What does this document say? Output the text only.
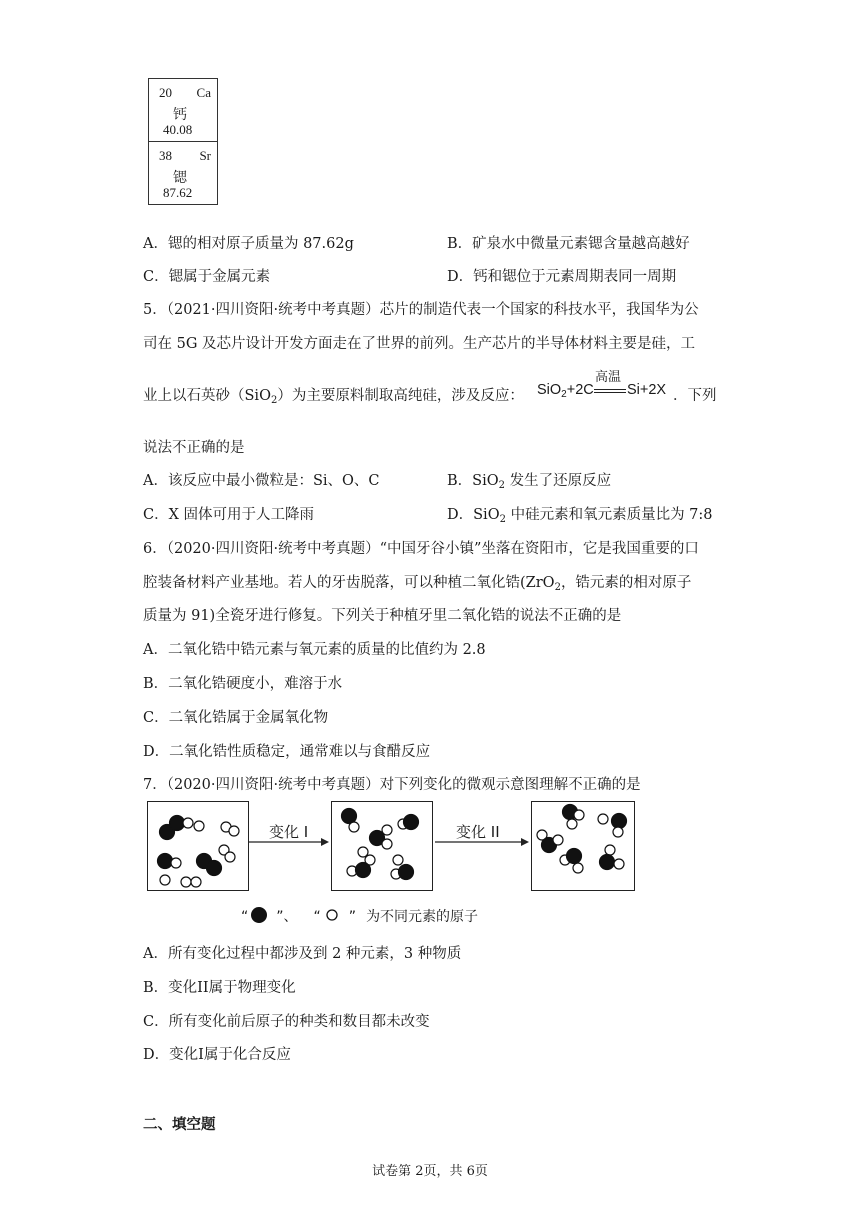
20 Ca
钙
40.08
38 Sr
锶
87.62
A．锶的相对原子质量为 87.62g	B．矿泉水中微量元素锶含量越高越好
C．锶属于金属元素	D．钙和锶位于元素周期表同一周期
5．（2021·四川资阳·统考中考真题）芯片的制造代表一个国家的科技水平，我国华为公
司在 5G 及芯片设计开发方面走在了世界的前列。生产芯片的半导体材料主要是硅，工
业上以石英砂（SiO$_2$）为主要原料制取高纯硅，涉及反应： SiO$_2$+2C
高温
Si+2X ．下列
说法不正确的是
A．该反应中最小微粒是：Si、O、C	B．SiO$_2$ 发生了还原反应
C．X 固体可用于人工降雨	D．SiO$_2$ 中硅元素和氧元素质量比为 7:8
6．（2020·四川资阳·统考中考真题）“中国牙谷小镇”坐落在资阳市，它是我国重要的口
腔装备材料产业基地。若人的牙齿脱落，可以种植二氧化锆(ZrO$_2$，锆元素的相对原子
质量为 91)全瓷牙进行修复。下列关于种植牙里二氧化锆的说法不正确的是
A．二氧化锆中锆元素与氧元素的质量的比值约为 2.8
B．二氧化锆硬度小，难溶于水
C．二氧化锆属于金属氧化物
D．二氧化锆性质稳定，通常难以与食醋反应
7．（2020·四川资阳·统考中考真题）对下列变化的微观示意图理解不正确的是
变化 I	变化 II
“ ”、 “ ” 为不同元素的原子
A．所有变化过程中都涉及到 2 种元素，3 种物质
B．变化II属于物理变化
C．所有变化前后原子的种类和数目都未改变
D．变化I属于化合反应
二、填空题
试卷第 2页，共 6页
